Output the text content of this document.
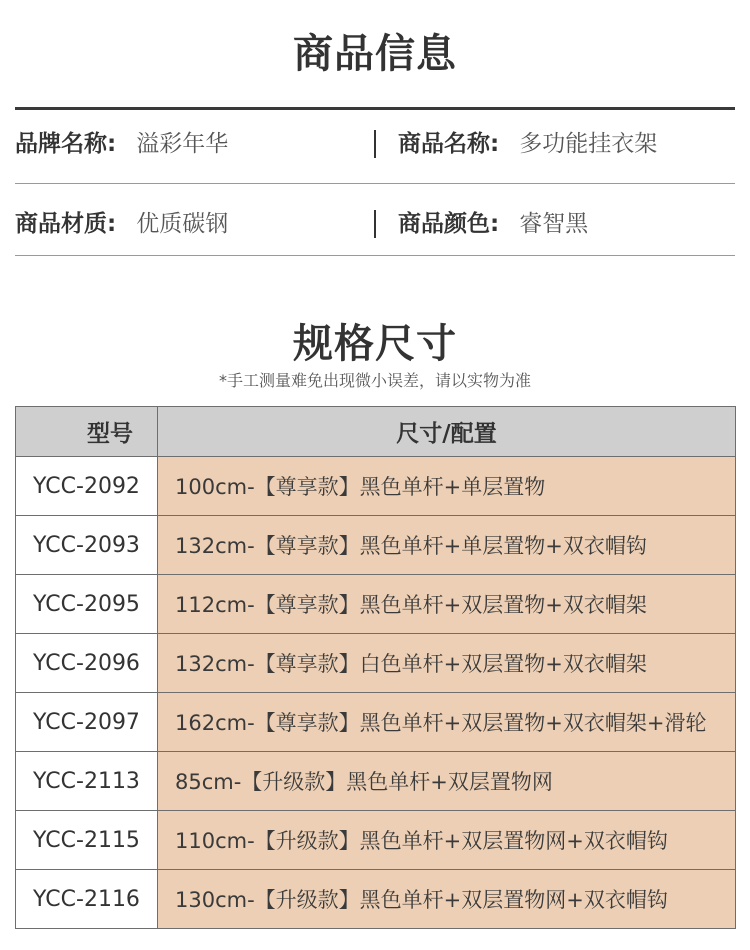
商品信息
品牌名称: 溢彩年华	商品名称: 多功能挂衣架
商品材质: 优质碳钢	商品颜色: 睿智黑
规格尺寸
*手工测量难免出现微小误差，请以实物为准
型号	尺寸/配置
YCC-2092	100cm-【尊享款】黑色单杆+单层置物
YCC-2093	132cm-【尊享款】黑色单杆+单层置物+双衣帽钩
YCC-2095	112cm-【尊享款】黑色单杆+双层置物+双衣帽架
YCC-2096	132cm-【尊享款】白色单杆+双层置物+双衣帽架
YCC-2097	162cm-【尊享款】黑色单杆+双层置物+双衣帽架+滑轮
YCC-2113	85cm-【升级款】黑色单杆+双层置物网
YCC-2115	110cm-【升级款】黑色单杆+双层置物网+双衣帽钩
YCC-2116	130cm-【升级款】黑色单杆+双层置物网+双衣帽钩
